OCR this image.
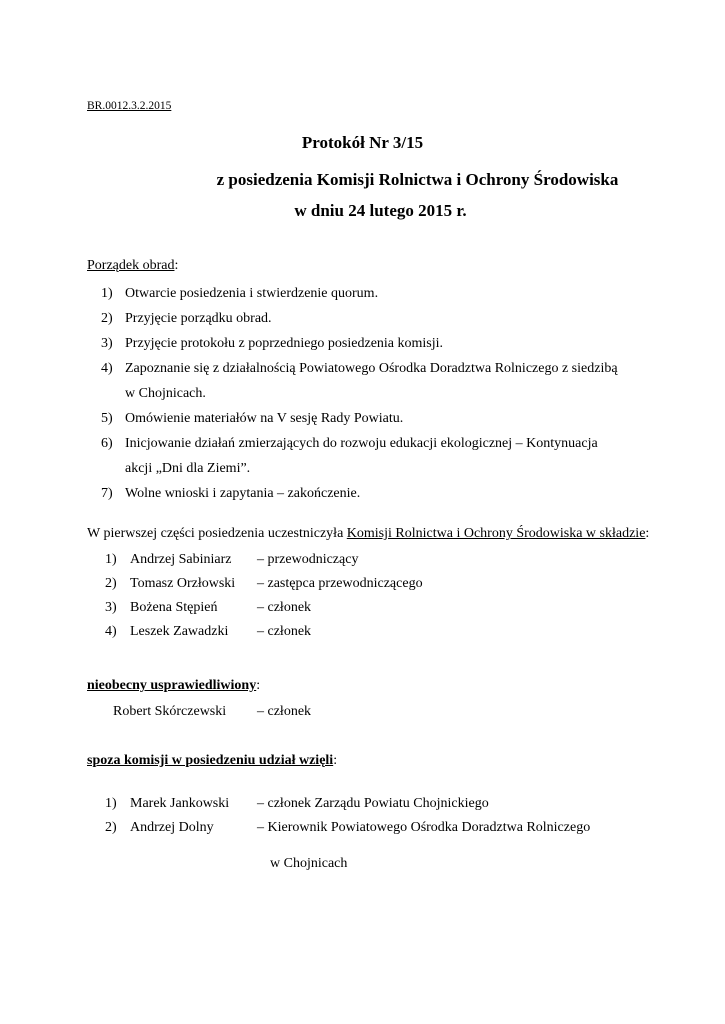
BR.0012.3.2.2015
Protokół Nr 3/15
z posiedzenia Komisji Rolnictwa i Ochrony Środowiska
w dniu 24 lutego 2015 r.
Porządek obrad:
1) Otwarcie posiedzenia i stwierdzenie quorum.
2) Przyjęcie porządku obrad.
3) Przyjęcie protokołu z poprzedniego posiedzenia komisji.
4) Zapoznanie się z działalnością Powiatowego Ośrodka Doradztwa Rolniczego z siedzibą
w Chojnicach.
5) Omówienie materiałów na V sesję Rady Powiatu.
6) Inicjowanie działań zmierzających do rozwoju edukacji ekologicznej – Kontynuacja
akcji „Dni dla Ziemi”.
7) Wolne wnioski i zapytania – zakończenie.
W pierwszej części posiedzenia uczestniczyła Komisji Rolnictwa i Ochrony Środowiska w składzie:
1) Andrzej Sabiniarz – przewodniczący
2) Tomasz Orzłowski – zastępca przewodniczącego
3) Bożena Stępień	– członek
4) Leszek Zawadzki – członek
nieobecny usprawiedliwiony:
Robert Skórczewski – członek
spoza komisji w posiedzeniu udział wzięli:
1) Marek Jankowski – członek Zarządu Powiatu Chojnickiego
2) Andrzej Dolny	– Kierownik Powiatowego Ośrodka Doradztwa Rolniczego
w Chojnicach
